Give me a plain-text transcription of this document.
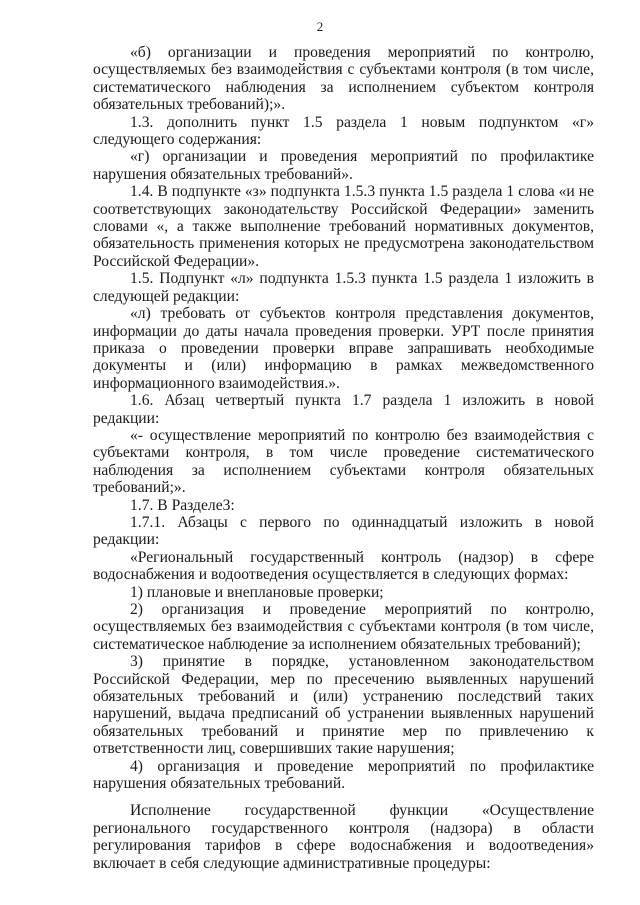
2

«б) организации и проведения мероприятий по контролю, осуществляемых без взаимодействия с субъектами контроля (в том числе, систематического наблюдения за исполнением субъектом контроля обязательных требований);».

1.3. дополнить пункт 1.5 раздела 1 новым подпунктом «г» следующего содержания:

«г) организации и проведения мероприятий по профилактике нарушения обязательных требований».

1.4. В подпункте «з» подпункта 1.5.3 пункта 1.5 раздела 1 слова «и не соответствующих законодательству Российской Федерации» заменить словами «, а также выполнение требований нормативных документов, обязательность применения которых не предусмотрена законодательством Российской Федерации».

1.5. Подпункт «л» подпункта 1.5.3 пункта 1.5 раздела 1 изложить в следующей редакции:

«л) требовать от субъектов контроля представления документов, информации до даты начала проведения проверки. УРТ после принятия приказа о проведении проверки вправе запрашивать необходимые документы и (или) информацию в рамках межведомственного информационного взаимодействия.».

1.6. Абзац четвертый пункта 1.7 раздела 1 изложить в новой редакции:

«- осуществление мероприятий по контролю без взаимодействия с субъектами контроля, в том числе проведение систематического наблюдения за исполнением субъектами контроля обязательных требований;».

1.7. В Разделе3:

1.7.1. Абзацы с первого по одиннадцатый изложить в новой редакции:

«Региональный государственный контроль (надзор) в сфере водоснабжения и водоотведения осуществляется в следующих формах:

1) плановые и внеплановые проверки;

2) организация и проведение мероприятий по контролю, осуществляемых без взаимодействия с субъектами контроля (в том числе, систематическое наблюдение за исполнением обязательных требований);

3) принятие в порядке, установленном законодательством Российской Федерации, мер по пресечению выявленных нарушений обязательных требований и (или) устранению последствий таких нарушений, выдача предписаний об устранении выявленных нарушений обязательных требований и принятие мер по привлечению к ответственности лиц, совершивших такие нарушения;

4) организация и проведение мероприятий по профилактике нарушения обязательных требований.

Исполнение государственной функции «Осуществление регионального государственного контроля (надзора) в области регулирования тарифов в сфере водоснабжения и водоотведения» включает в себя следующие административные процедуры:
